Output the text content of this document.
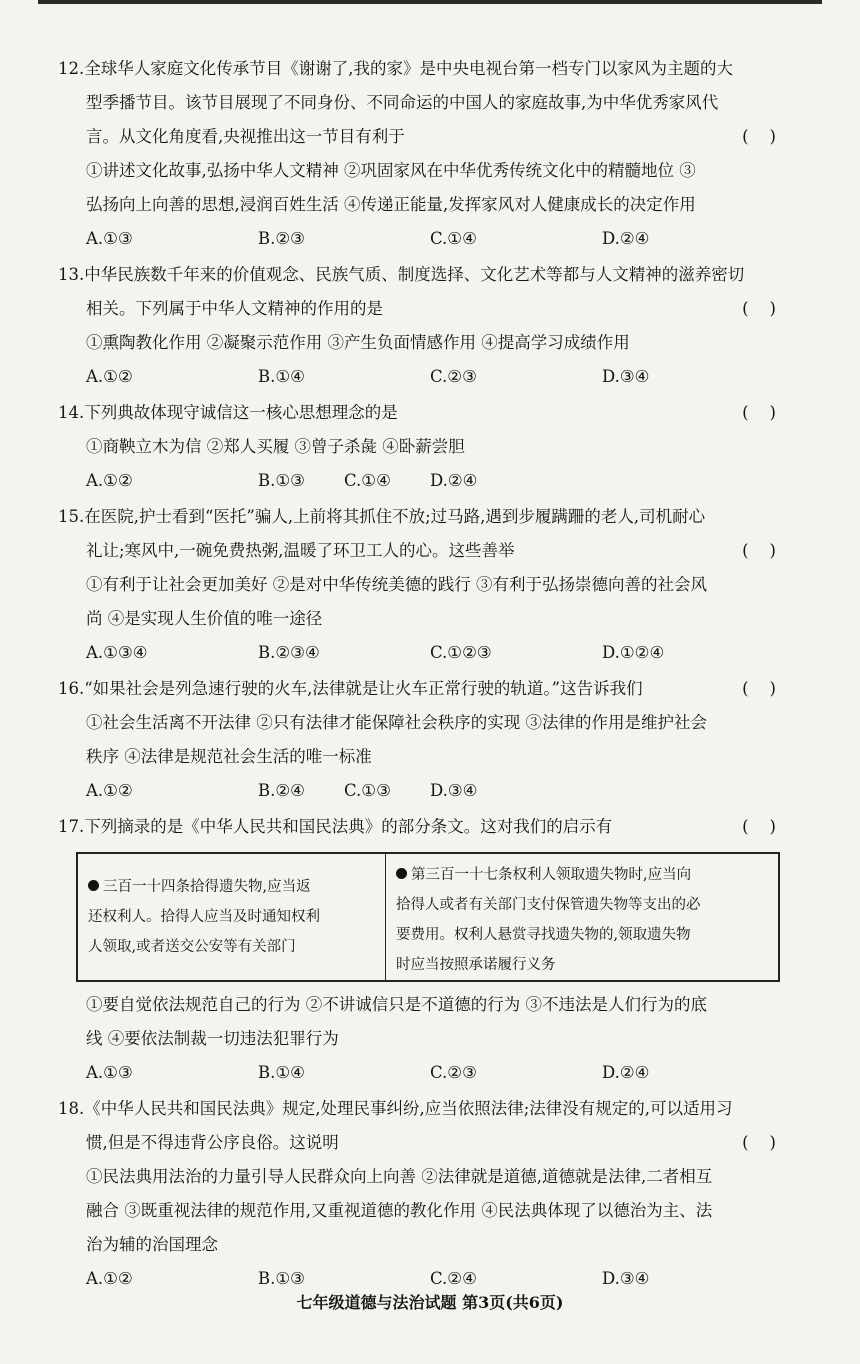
12.全球华人家庭文化传承节目《谢谢了,我的家》是中央电视台第一档专门以家风为主题的大

型季播节目。该节目展现了不同身份、不同命运的中国人的家庭故事,为中华优秀家风代

言。从文化角度看,央视推出这一节目有利于	(    )

①讲述文化故事,弘扬中华人文精神 ②巩固家风在中华优秀传统文化中的精髓地位 ③

弘扬向上向善的思想,浸润百姓生活 ④传递正能量,发挥家风对人健康成长的决定作用

A.①③	B.②③	C.①④	D.②④

13.中华民族数千年来的价值观念、民族气质、制度选择、文化艺术等都与人文精神的滋养密切

相关。下列属于中华人文精神的作用的是	(    )

①熏陶教化作用 ②凝聚示范作用 ③产生负面情感作用 ④提高学习成绩作用

A.①②	B.①④	C.②③	D.③④
14.下列典故体现守诚信这一核心思想理念的是	(    )

①商鞅立木为信 ②郑人买履 ③曾子杀彘 ④卧薪尝胆

A.①②	B.①③	C.①④	D.②④

15.在医院,护士看到“医托”骗人,上前将其抓住不放;过马路,遇到步履蹒跚的老人,司机耐心

礼让;寒风中,一碗免费热粥,温暖了环卫工人的心。这些善举	(    )

①有利于让社会更加美好 ②是对中华传统美德的践行 ③有利于弘扬崇德向善的社会风

尚 ④是实现人生价值的唯一途径

A.①③④	B.②③④	C.①②③	D.①②④
16.“如果社会是列急速行驶的火车,法律就是让火车正常行驶的轨道。”这告诉我们	(    )

①社会生活离不开法律 ②只有法律才能保障社会秩序的实现 ③法律的作用是维护社会

秩序 ④法律是规范社会生活的唯一标准

A.①②	B.②④	C.①③	D.③④
17.下列摘录的是《中华人民共和国民法典》的部分条文。这对我们的启示有	(    )
三百一十四条拾得遗失物,应当返
还权利人。拾得人应当及时通知权利
人领取,或者送交公安等有关部门
第三百一十七条权利人领取遗失物时,应当向
拾得人或者有关部门支付保管遗失物等支出的必
要费用。权利人悬赏寻找遗失物的,领取遗失物
时应当按照承诺履行义务

①要自觉依法规范自己的行为 ②不讲诚信只是不道德的行为 ③不违法是人们行为的底

线 ④要依法制裁一切违法犯罪行为

A.①③	B.①④	C.②③	D.②④

18.《中华人民共和国民法典》规定,处理民事纠纷,应当依照法律;法律没有规定的,可以适用习

惯,但是不得违背公序良俗。这说明	(    )

①民法典用法治的力量引导人民群众向上向善 ②法律就是道德,道德就是法律,二者相互

融合 ③既重视法律的规范作用,又重视道德的教化作用 ④民法典体现了以德治为主、法

治为辅的治国理念

A.①②	B.①③	C.②④	D.③④
七年级道德与法治试题 第3页(共6页)
